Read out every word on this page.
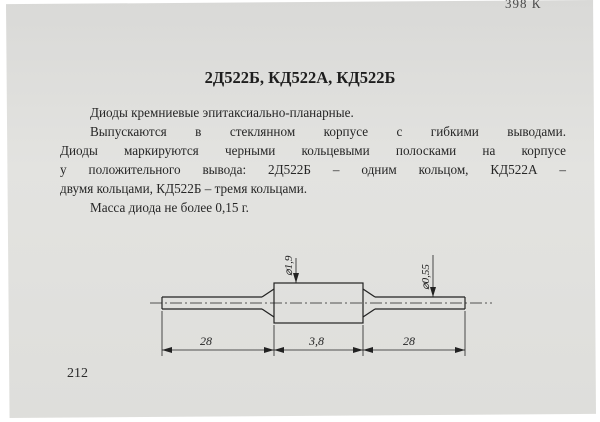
398 К
2Д522Б, КД522А, КД522Б

Диоды кремниевые эпитаксиально-планарные.

Выпускаются в стеклянном корпусе с гибкими выводами.

Диоды маркируются черными кольцевыми полосками на корпусе

у положительного вывода: 2Д522Б – одним кольцом, КД522А –

двумя кольцами, КД522Б – тремя кольцами.

Масса диода не более 0,15 г.

28	3,8	28
⌀1,9	⌀0,55
212
